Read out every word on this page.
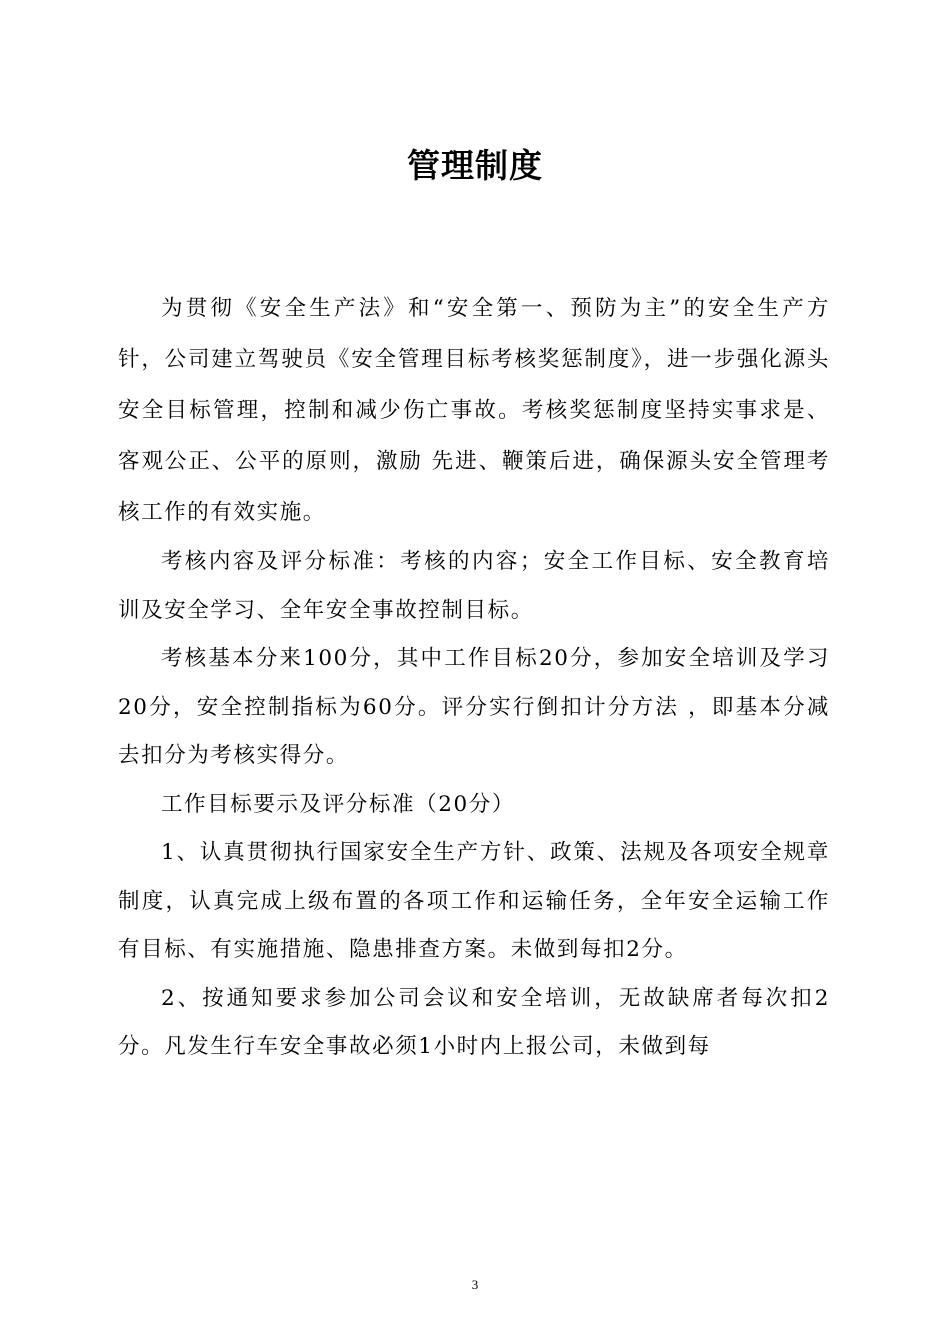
管理制度

为贯彻《安全生产法》和“安全第一、预防为主”的安全生产方针，公司建立驾驶员《安全管理目标考核奖惩制度》，进一步强化源头安全目标管理，控制和减少伤亡事故。考核奖惩制度坚持实事求是、客观公正、公平的原则，激励 先进、鞭策后进，确保源头安全管理考核工作的有效实施。

考核内容及评分标准：考核的内容；安全工作目标、安全教育培训及安全学习、全年安全事故控制目标。

考核基本分来100分，其中工作目标20分，参加安全培训及学习20分，安全控制指标为60分。评分实行倒扣计分方法 ，即基本分减去扣分为考核实得分。

工作目标要示及评分标准（20分）

1、认真贯彻执行国家安全生产方针、政策、法规及各项安全规章制度，认真完成上级布置的各项工作和运输任务，全年安全运输工作有目标、有实施措施、隐患排查方案。未做到每扣2分。

2、按通知要求参加公司会议和安全培训，无故缺席者每次扣2分。凡发生行车安全事故必须1小时内上报公司，未做到每

3
